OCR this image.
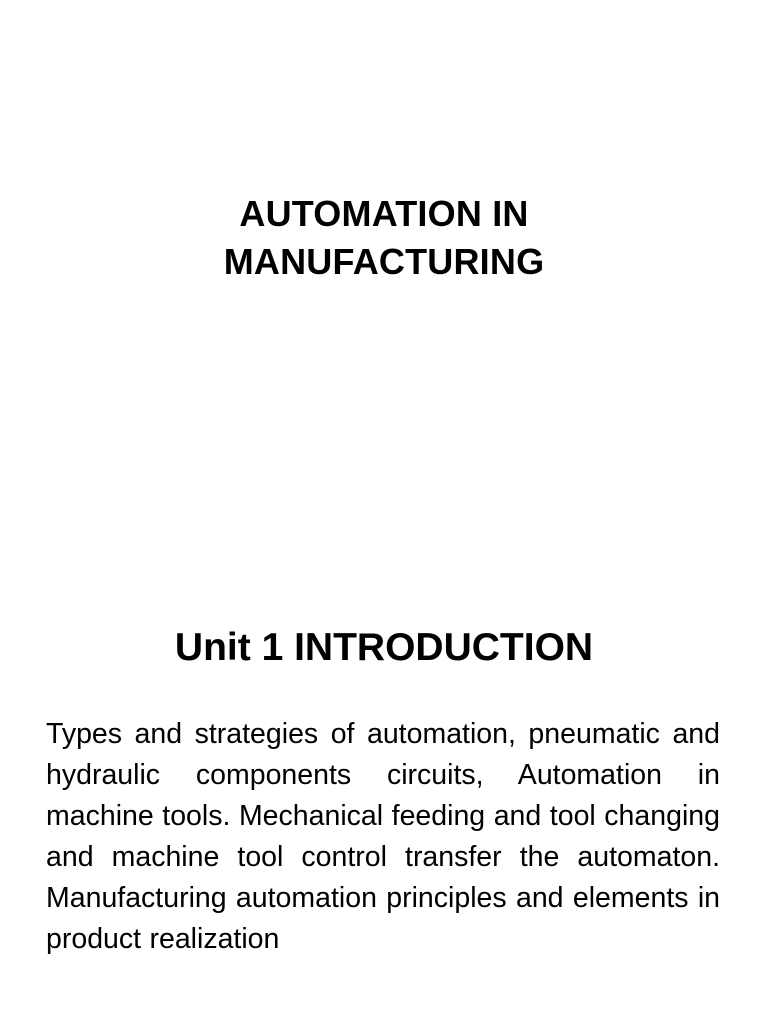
AUTOMATION IN
MANUFACTURING
Unit 1 INTRODUCTION
Types and strategies of automation, pneumatic and hydraulic components circuits, Automation in machine tools. Mechanical feeding and tool changing and machine tool control transfer the automaton. Manufacturing automation principles and elements in product realization
